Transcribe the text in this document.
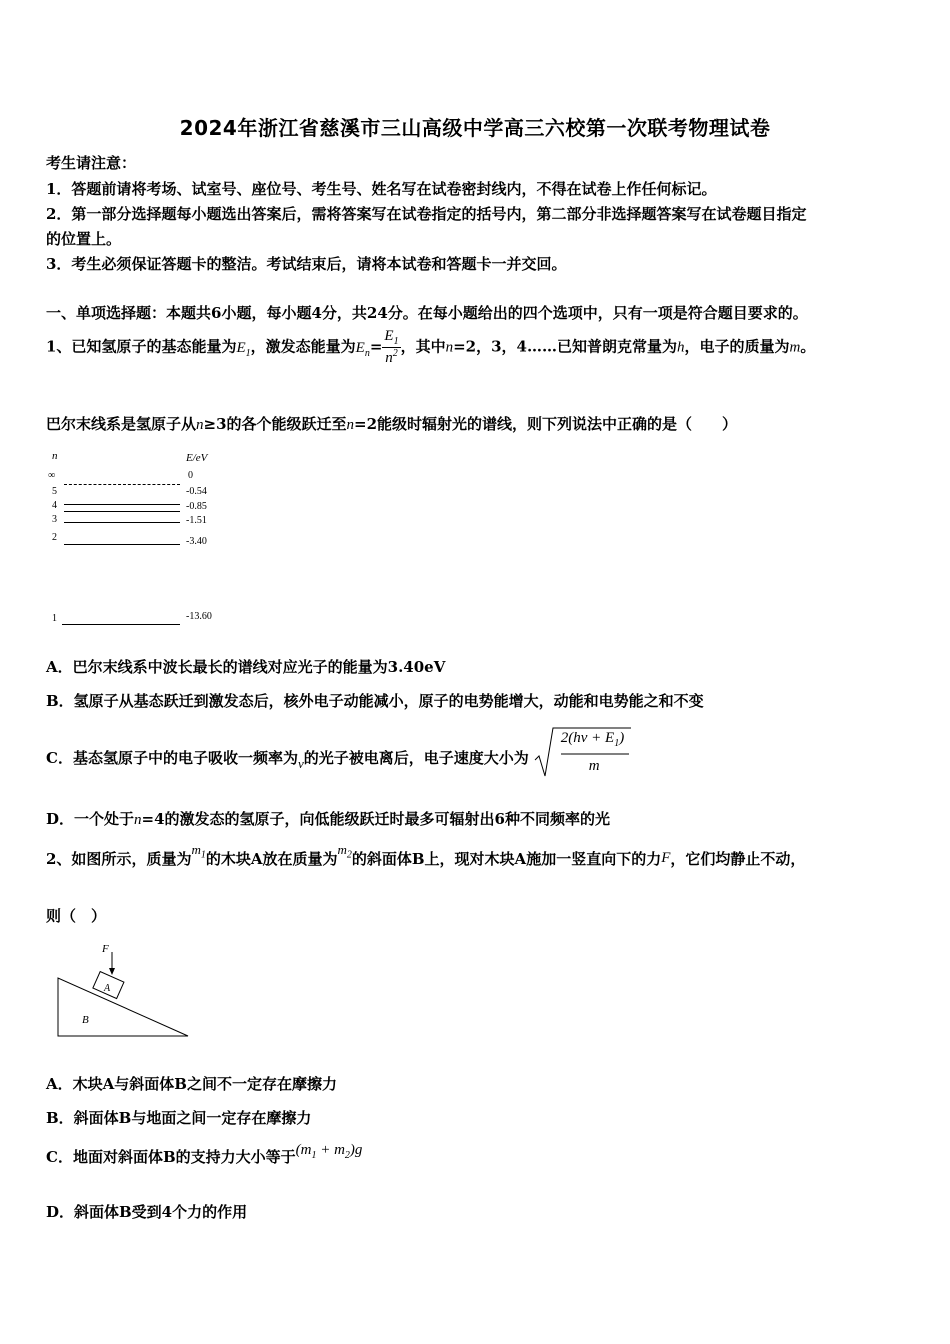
2024年浙江省慈溪市三山高级中学高三六校第一次联考物理试卷
考生请注意：
1．答题前请将考场、试室号、座位号、考生号、姓名写在试卷密封线内，不得在试卷上作任何标记。
2．第一部分选择题每小题选出答案后，需将答案写在试卷指定的括号内，第二部分非选择题答案写在试卷题目指定
的位置上。
3．考生必须保证答题卡的整洁。考试结束后，请将本试卷和答题卡一并交回。
一、单项选择题：本题共6小题，每小题4分，共24分。在每小题给出的四个选项中，只有一项是符合题目要求的。
1、已知氢原子的基态能量为$E_1$，激发态能量为$E_n= \frac{E_1}{n^2}$ ，其中n=2，3，4……已知普朗克常量为h，电子的质量为m。
巴尔末线系是氢原子从n≥3的各个能级跃迁至n=2能级时辐射光的谱线，则下列说法中正确的是（　　）
n	E/eV
∞	0
5	-0.54
4	-0.85
3	-1.51
2	-3.40
1	-13.60
A．巴尔末线系中波长最长的谱线对应光子的能量为3.40eV
B．氢原子从基态跃迁到激发态后，核外电子动能减小，原子的电势能增大，动能和电势能之和不变
C．基态氢原子中的电子吸收一频率为ν的光子被电离后，电子速度大小为
$2(h\nu + E_1)$
m
D．一个处于n=4的激发态的氢原子，向低能级跃迁时最多可辐射出6种不同频率的光
2、如图所示，质量为$m_1$的木块A放在质量为$m_2$的斜面体B上，现对木块A施加一竖直向下的力F，它们均静止不动，
则（　）
F
A
B
A．木块A与斜面体B之间不一定存在摩擦力
B．斜面体B与地面之间一定存在摩擦力
C．地面对斜面体B的支持力大小等于$(m_1 + m_2)g$
D．斜面体B受到4个力的作用
